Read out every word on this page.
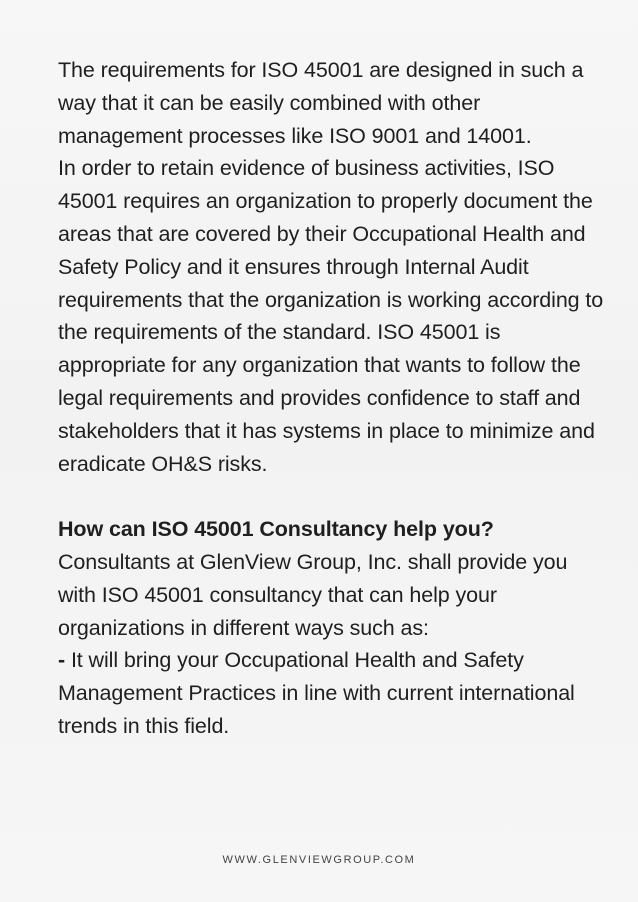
The requirements for ISO 45001 are designed in such a way that it can be easily combined with other management processes like ISO 9001 and 14001.

In order to retain evidence of business activities, ISO 45001 requires an organization to properly document the areas that are covered by their Occupational Health and Safety Policy and it ensures through Internal Audit requirements that the organization is working according to the requirements of the standard. ISO 45001 is appropriate for any organization that wants to follow the legal requirements and provides confidence to staff and stakeholders that it has systems in place to minimize and eradicate OH&S risks.

How can ISO 45001 Consultancy help you?

Consultants at GlenView Group, Inc. shall provide you with ISO 45001 consultancy that can help your organizations in different ways such as:

- It will bring your Occupational Health and Safety Management Practices in line with current international trends in this field.

WWW.GLENVIEWGROUP.COM
